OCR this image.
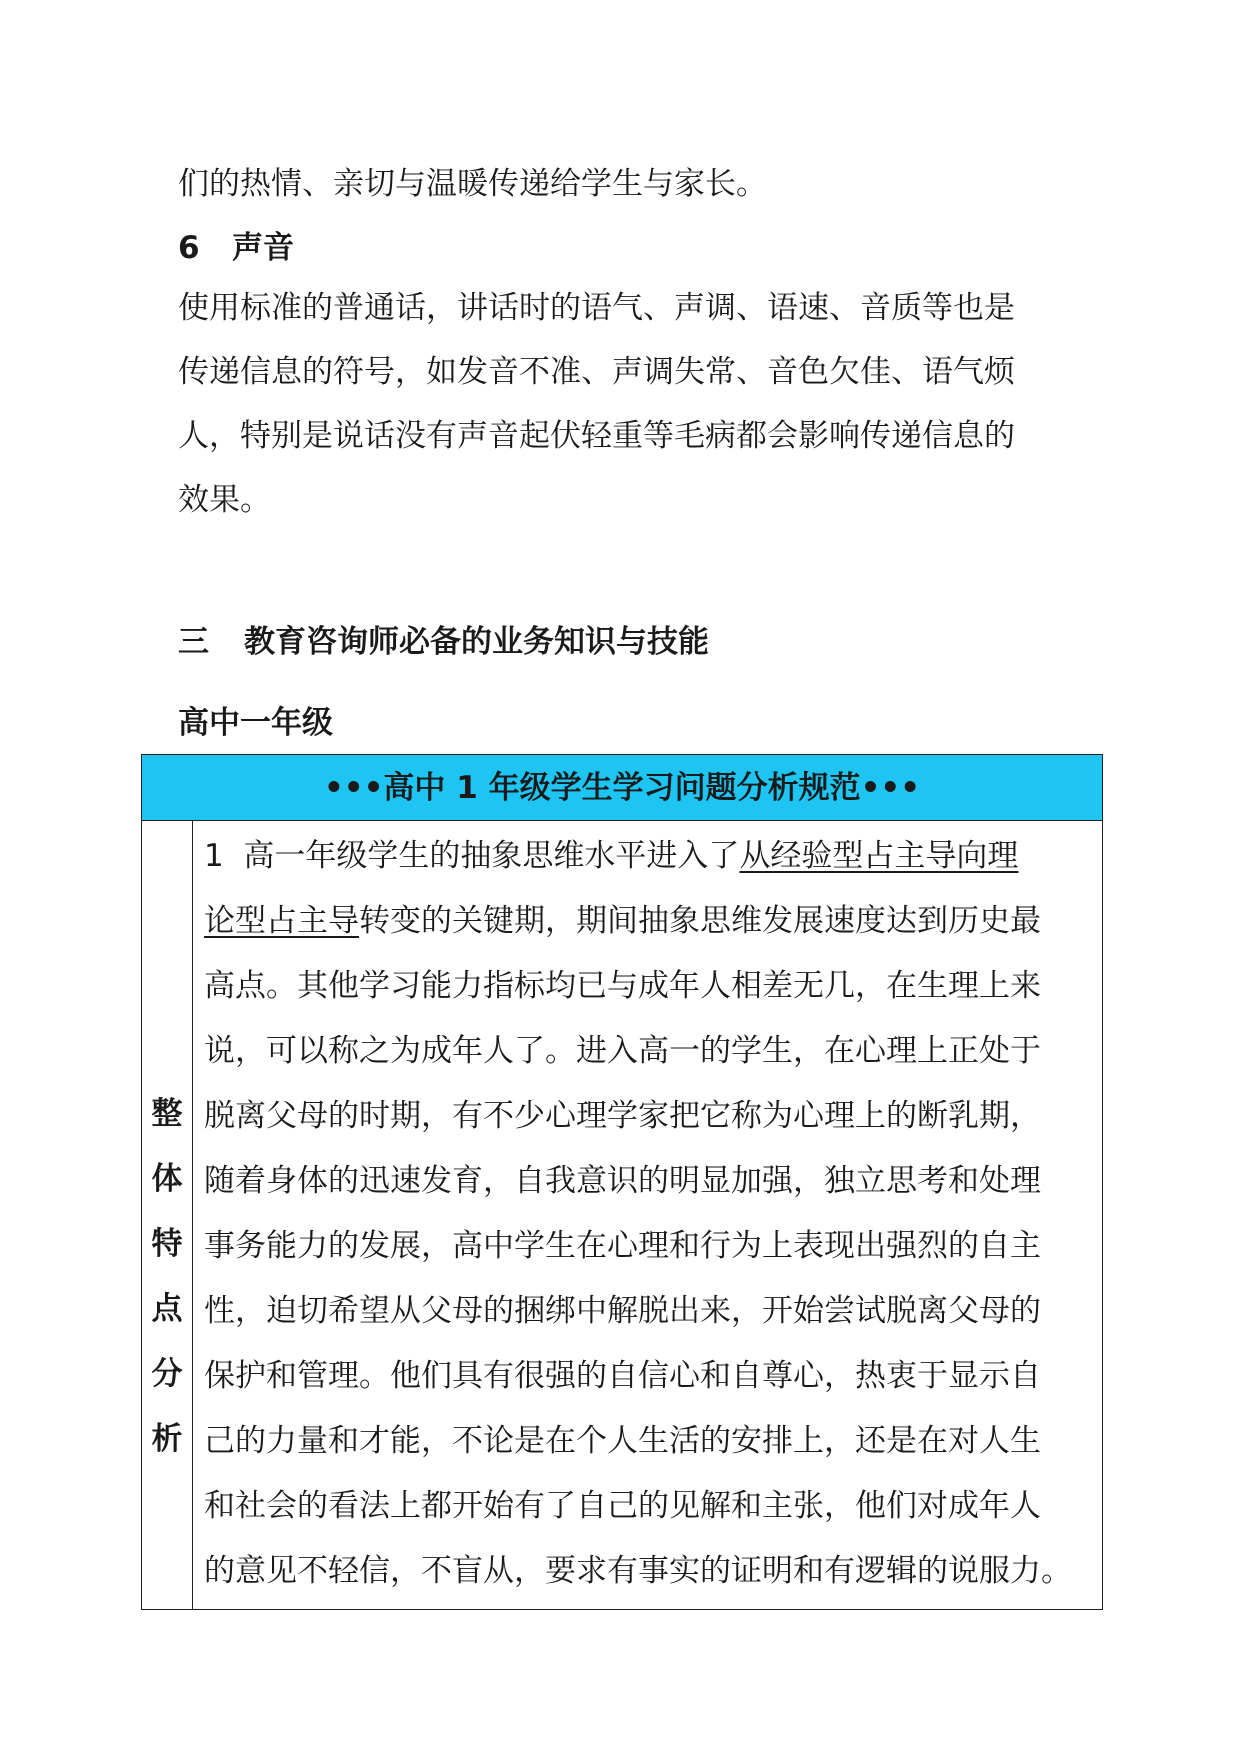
们的热情、亲切与温暖传递给学生与家长。
6 声音
使用标准的普通话，讲话时的语气、声调、语速、音质等也是
传递信息的符号，如发音不准、声调失常、音色欠佳、语气烦
人，特别是说话没有声音起伏轻重等毛病都会影响传递信息的
效果。
三 教育咨询师必备的业务知识与技能
高中一年级
•••高中 1 年级学生学习问题分析规范•••
整
体
特
点
分
析
1  高一年级学生的抽象思维水平进入了从经验型占主导向理
论型占主导转变的关键期，期间抽象思维发展速度达到历史最
高点。其他学习能力指标均已与成年人相差无几，在生理上来
说，可以称之为成年人了。进入高一的学生，在心理上正处于
脱离父母的时期，有不少心理学家把它称为心理上的断乳期，
随着身体的迅速发育，自我意识的明显加强，独立思考和处理
事务能力的发展，高中学生在心理和行为上表现出强烈的自主
性，迫切希望从父母的捆绑中解脱出来，开始尝试脱离父母的
保护和管理。他们具有很强的自信心和自尊心，热衷于显示自
己的力量和才能，不论是在个人生活的安排上，还是在对人生
和社会的看法上都开始有了自己的见解和主张，他们对成年人
的意见不轻信，不盲从，要求有事实的证明和有逻辑的说服力。
